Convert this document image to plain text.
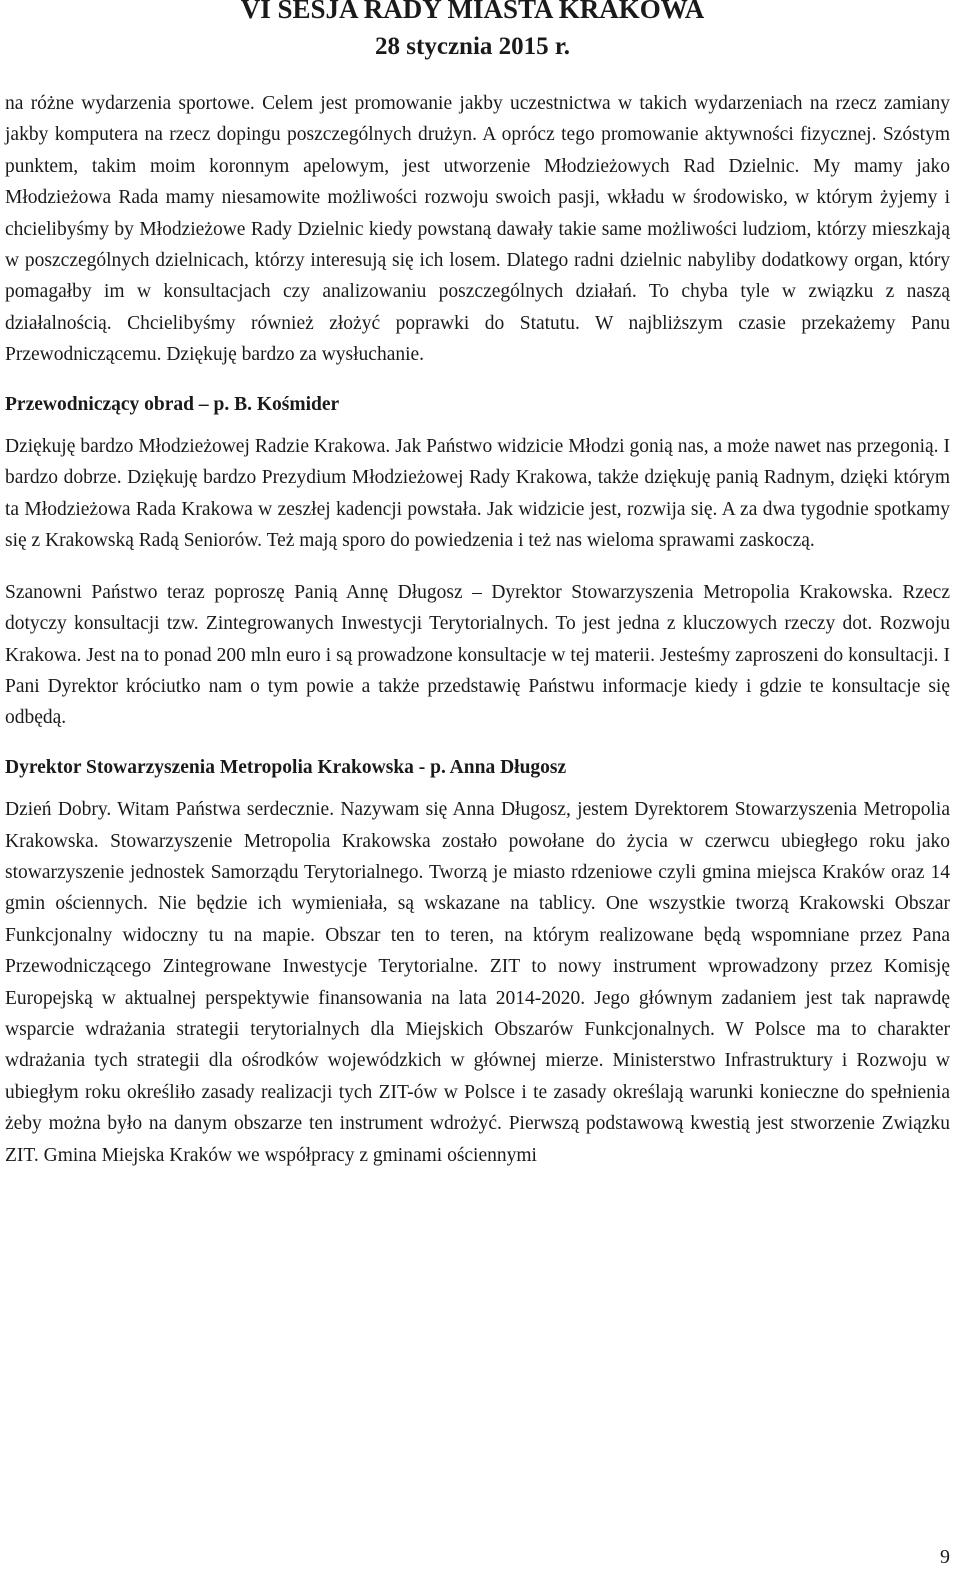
VI SESJA RADY MIASTA KRAKOWA
28 stycznia 2015 r.

na różne wydarzenia sportowe. Celem jest promowanie jakby uczestnictwa w takich wydarzeniach na rzecz zamiany jakby komputera na rzecz dopingu poszczególnych drużyn. A oprócz tego promowanie aktywności fizycznej. Szóstym punktem, takim moim koronnym apelowym, jest utworzenie Młodzieżowych Rad Dzielnic. My mamy jako Młodzieżowa Rada mamy niesamowite możliwości rozwoju swoich pasji, wkładu w środowisko, w którym żyjemy i chcielibyśmy by Młodzieżowe Rady Dzielnic kiedy powstaną dawały takie same możliwości ludziom, którzy mieszkają w poszczególnych dzielnicach, którzy interesują się ich losem. Dlatego radni dzielnic nabyliby dodatkowy organ, który pomagałby im w konsultacjach czy analizowaniu poszczególnych działań. To chyba tyle w związku z naszą działalnością. Chcielibyśmy również złożyć poprawki do Statutu. W najbliższym czasie przekażemy Panu Przewodniczącemu. Dziękuję bardzo za wysłuchanie.

Przewodniczący obrad – p. B. Kośmider

Dziękuję bardzo Młodzieżowej Radzie Krakowa. Jak Państwo widzicie Młodzi gonią nas, a może nawet nas przegonią. I bardzo dobrze. Dziękuję bardzo Prezydium Młodzieżowej Rady Krakowa, także dziękuję panią Radnym, dzięki którym ta Młodzieżowa Rada Krakowa w zeszłej kadencji powstała. Jak widzicie jest, rozwija się. A za dwa tygodnie spotkamy się z Krakowską Radą Seniorów. Też mają sporo do powiedzenia i też nas wieloma sprawami zaskoczą.

Szanowni Państwo teraz poproszę Panią Annę Długosz – Dyrektor Stowarzyszenia Metropolia Krakowska. Rzecz dotyczy konsultacji tzw. Zintegrowanych Inwestycji Terytorialnych. To jest jedna z kluczowych rzeczy dot. Rozwoju Krakowa. Jest na to ponad 200 mln euro i są prowadzone konsultacje w tej materii. Jesteśmy zaproszeni do konsultacji. I Pani Dyrektor króciutko nam o tym powie a także przedstawię Państwu informacje kiedy i gdzie te konsultacje się odbędą.

Dyrektor Stowarzyszenia Metropolia Krakowska - p. Anna Długosz

Dzień Dobry. Witam Państwa serdecznie. Nazywam się Anna Długosz, jestem Dyrektorem Stowarzyszenia Metropolia Krakowska. Stowarzyszenie Metropolia Krakowska zostało powołane do życia w czerwcu ubiegłego roku jako stowarzyszenie jednostek Samorządu Terytorialnego. Tworzą je miasto rdzeniowe czyli gmina miejsca Kraków oraz 14 gmin ościennych. Nie będzie ich wymieniała, są wskazane na tablicy. One wszystkie tworzą Krakowski Obszar Funkcjonalny widoczny tu na mapie. Obszar ten to teren, na którym realizowane będą wspomniane przez Pana Przewodniczącego Zintegrowane Inwestycje Terytorialne. ZIT to nowy instrument wprowadzony przez Komisję Europejską w aktualnej perspektywie finansowania na lata 2014-2020. Jego głównym zadaniem jest tak naprawdę wsparcie wdrażania strategii terytorialnych dla Miejskich Obszarów Funkcjonalnych. W Polsce ma to charakter wdrażania tych strategii dla ośrodków wojewódzkich w głównej mierze. Ministerstwo Infrastruktury i Rozwoju w ubiegłym roku określiło zasady realizacji tych ZIT-ów w Polsce i te zasady określają warunki konieczne do spełnienia żeby można było na danym obszarze ten instrument wdrożyć. Pierwszą podstawową kwestią jest stworzenie Związku ZIT. Gmina Miejska Kraków we współpracy z gminami ościennymi

9
